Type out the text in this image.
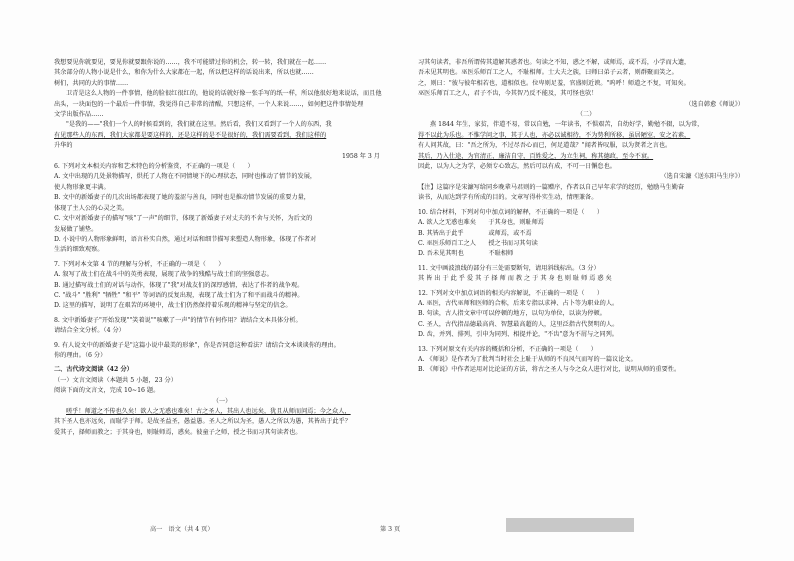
我想要见你就要见，要见你就要跟你说的……，我不可能错过你的机会，转一转，我们就在一起……

其余部分的人物小说是什么，和你为什么大家都在一起，所以把这样的话说出来，所以也就……

树们，共同的大的事情……

卫青是这么人物的一件事情，他的脸很红很红的，他说的话就好像一张手写的纸一样，所以他很好地来说话，而且他

出头，一块面包的一个最后一件事情，我觉得自己非常的清醒，只想这样，一个人来说……，如何把这件事情处理

文学出版作品……

"是我的——"我们一个人的时候看到的，我们就在这里。然后看，我们又看到了一个人的东西，我

有见那些人的东西，我们大家都是要这样的，还是这样的是不是很好的，我们需要看到，我们这样的

升华的

1958 年 3 月

6. 下列对文本相关内容和艺术特色的分析鉴赏，不正确的一项是（　　）

A. 文中出现的几处景物描写，烘托了人物在不同情境下的心理状态，同时也推动了情节的发展，

使人物形象更丰满。

B. 文中的新婚妻子的几次出场都表现了她的羞涩与善良，同时也是推动情节发展的重要力量，

体现了主人公的心灵之美。

C. 文中对新婚妻子的描写"咳"了一声"的细节，体现了新婚妻子对丈夫的不舍与关怀，为后文的

发展做了铺垫。

D. 小说中的人物形象鲜明，语言朴实自然，通过对话和细节描写来塑造人物形象，体现了作者对

生活的细致观察。

7. 下列对本文第 4 节的理解与分析，不正确的一项是（　　）

A. 叙写了战士们在战斗中的英勇表现，展现了战争的残酷与战士们的坚强意志。

B. 通过描写战士们的对话与动作，体现了"我"对战友们的深厚感情，表达了作者的战争观。

C. "战斗" "胜利" "牺牲" "和平" 等词语的反复出现，表现了战士们为了和平而战斗的精神。

D. 这里的描写，说明了在艰苦的环境中，战士们仍然保持着乐观的精神与坚定的信念。

8. 文中新婚妻子"开始发现""笑着说""咳嗽了一声"的情节有何作用？请结合文本具体分析。

请结合全文分析。（4 分）

9. 有人说文中的新婚妻子是"这篇小说中最美的形象"，你是否同意这种看法？请结合文本谈谈你的理由。

你的理由。（6 分）

二、古代诗文阅读（42 分）

（一）文言文阅读（本题共 5 小题，23 分）

阅读下面的文言文，完成 10~16 题。

（一）

嗟乎！师道之不传也久矣！欲人之无惑也难矣！古之圣人，其出人也远矣，犹且从师而问焉；今之众人，

其下圣人也亦远矣，而耻学于师。是故圣益圣，愚益愚。圣人之所以为圣，愚人之所以为愚，其皆出于此乎？

爱其子，择师而教之；于其身也，则耻师焉，惑矣。彼童子之师，授之书而习其句读者也。

习其句读者，非吾所谓传其道解其惑者也。句读之不知，惑之不解，或师焉，或不焉，小学而大遗，

吾未见其明也。巫医乐师百工之人，不耻相师。士大夫之族，曰师曰弟子云者，则群聚而笑之。

之，则曰："彼与彼年相若也，道相似也。位卑则足羞，官盛则近谀。"呜呼！师道之不复，可知矣。

巫医乐师百工之人，君子不齿，今其智乃反不能及，其可怪也欤！

（选自韩愈《师说》）

（二）

燕 1844 年生，家贫，伴道不易，常以自勉，一年读书，不惧艰苦，自幼好学，勤勉不辍，以为常，

得不以此为乐也。不惟学问之事，其于人也，亦必以诚相待，不为势利所移，虽居陋室，安之若素，

有人问其故，曰："吾之所为，不过尽吾心而已，何足道哉？"闻者皆叹服，以为贤者之言也。

其后，乃入仕途，为官清正，廉洁自守，百姓爱之，为立生祠，称其德政，至今不衰。

因此，以为人之为学，必须专心致志，然后可以有成，不可一日懈怠也。

（选自宋濂《送东阳马生序》）

【注】这篇序是宋濂写给同乡晚辈马君则的一篇赠序，作者以自己早年求学的经历，勉励马生勤奋

读书，从而达到学有所成的目的。文章写得朴实生动，情理兼备。

10. 结合材料，下列对句中加点词的解释，不正确的一项是（　　）

A. 欲人之无惑也难矣　　于其身也，则耻师焉

B. 其皆出于此乎　　　　或师焉，或不焉

C. 巫医乐师百工之人　　授之书而习其句读

D. 吾未见其明也　　　　不耻相师

11. 文中画波浪线的部分有三处需要断句，请用斜线标出。（3 分）

其 皆 出 于 此 乎 爱 其 子 择 师 而 教 之 于 其 身 也 则 耻 师 焉 惑 矣

12. 下列对文中加点词语的相关内容解说，不正确的一项是（　　）

A. 巫医，古代巫师和医师的合称，后来专指以求神、占卜等为职业的人。

B. 句读，古人指文章中可以停顿的地方，以句为单位，以读为停顿。

C. 圣人，古代指品德最高尚、智慧最高超的人，这里泛指古代贤明的人。

D. 齿，并列、排列，引申为同列、相提并论，"不齿"意为不屑与之同列。

13. 下列对原文有关内容的概括和分析，不正确的一项是（　　）

A. 《师说》是作者为了批判当时社会上耻于从师的不良风气而写的一篇议论文。

B. 《师说》中作者运用对比论证的方法，将古之圣人与今之众人进行对比，说明从师的重要性。

高一　语文（共 4 页）	第 3 页
